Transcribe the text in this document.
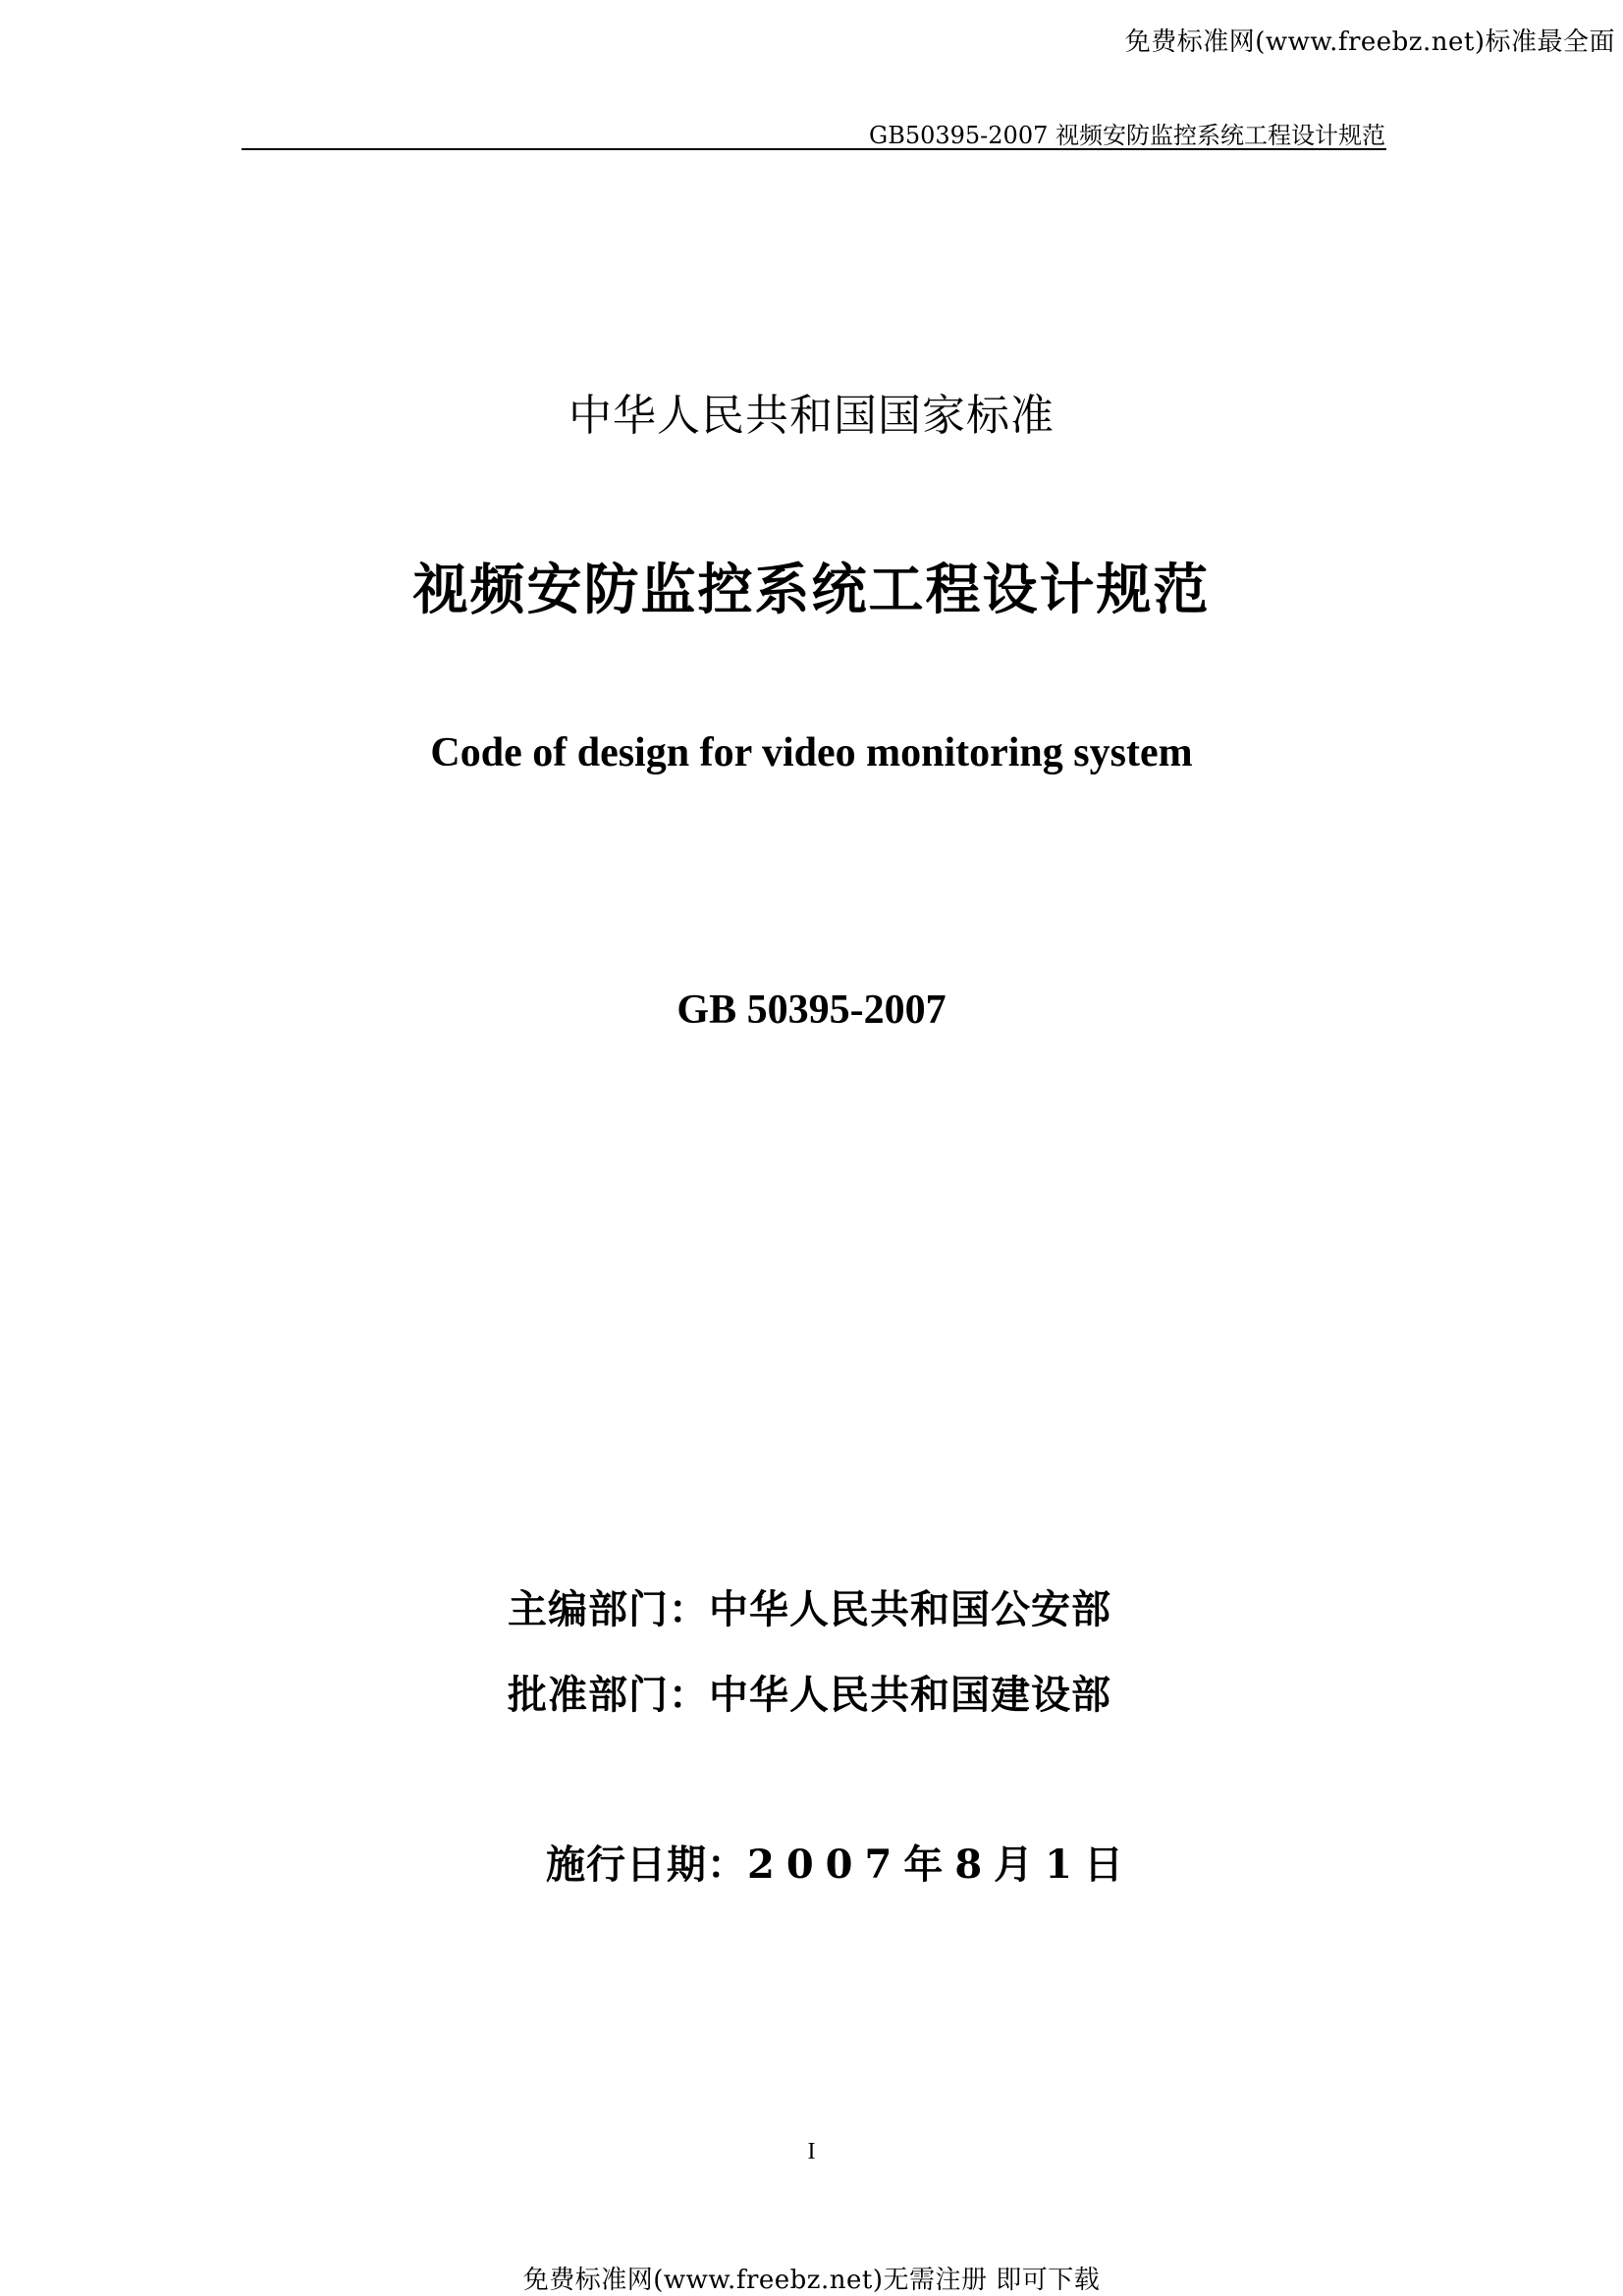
免费标准网(www.freebz.net)标准最全面
GB50395-2007 视频安防监控系统工程设计规范
中华人民共和国国家标准
视频安防监控系统工程设计规范
Code of design for video monitoring system
GB 50395-2007
主编部门：中华人民共和国公安部
批准部门：中华人民共和国建设部
施行日期：2007年8月1日
I
免费标准网(www.freebz.net)无需注册 即可下载
